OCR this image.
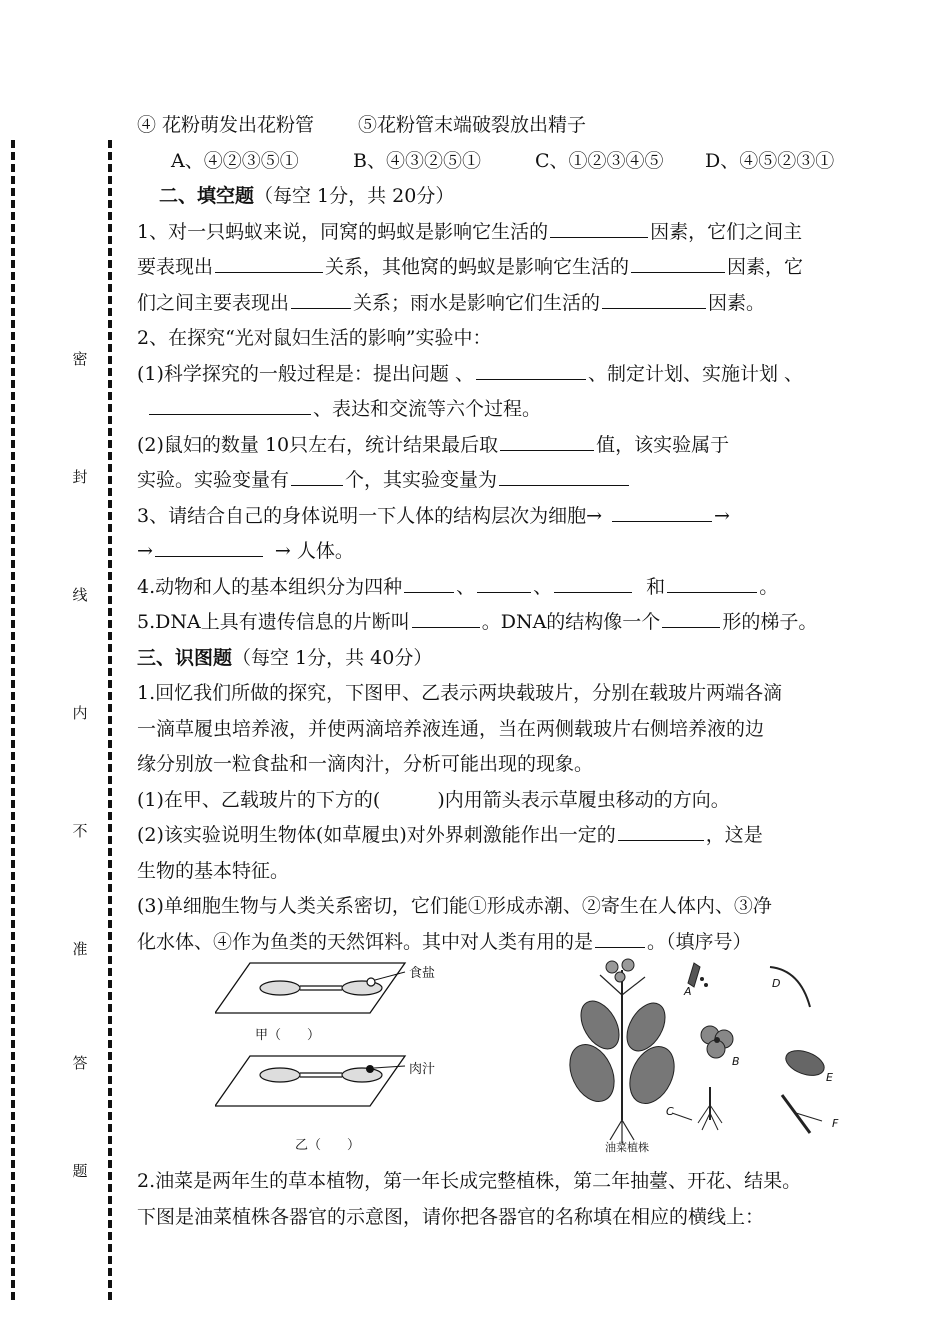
密
封
线
内
不
准
答
题
④ 花粉萌发出花粉管 ⑤花粉管末端破裂放出精子
A、④②③⑤①	B、④③②⑤①	C、①②③④⑤ D、④⑤②③①
二、填空题（每空 1分，共 20分）
1、对一只蚂蚁来说，同窝的蚂蚁是影响它生活的	因素，它们之间主
要表现出	关系，其他窝的蚂蚁是影响它生活的	因素，它
们之间主要表现出	关系；雨水是影响它们生活的	因素。
2、在探究“光对鼠妇生活的影响”实验中：
(1)科学探究的一般过程是：提出问题 、	、制定计划、实施计划 、
、表达和交流等六个过程。
(2)鼠妇的数量 10只左右，统计结果最后取	值，该实验属于
实验。实验变量有	个，其实验变量为
3、请结合自己的身体说明一下人体的结构层次为细胞→	→
→	→ 人体。
4.动物和人的基本组织分为四种	、	、	和	。
5.DNA上具有遗传信息的片断叫	。DNA的结构像一个	形的梯子。
三、识图题（每空 1分，共 40分）
1.回忆我们所做的探究，下图甲、乙表示两块载玻片，分别在载玻片两端各滴
一滴草履虫培养液，并使两滴培养液连通，当在两侧载玻片右侧培养液的边
缘分别放一粒食盐和一滴肉汁，分析可能出现的现象。
(1)在甲、乙载玻片的下方的(　　　)内用箭头表示草履虫移动的方向。
(2)该实验说明生物体(如草履虫)对外界刺激能作出一定的	，这是
生物的基本特征。
(3)单细胞生物与人类关系密切，它们能①形成赤潮、②寄生在人体内、③净
化水体、④作为鱼类的天然饵料。其中对人类有用的是	。（填序号）
食盐
甲（　　）
肉汁
乙（　　）
A
B
C
D
E
F
油菜植株
2.油菜是两年生的草本植物，第一年长成完整植株，第二年抽薹、开花、结果。
下图是油菜植株各器官的示意图，请你把各器官的名称填在相应的横线上：
